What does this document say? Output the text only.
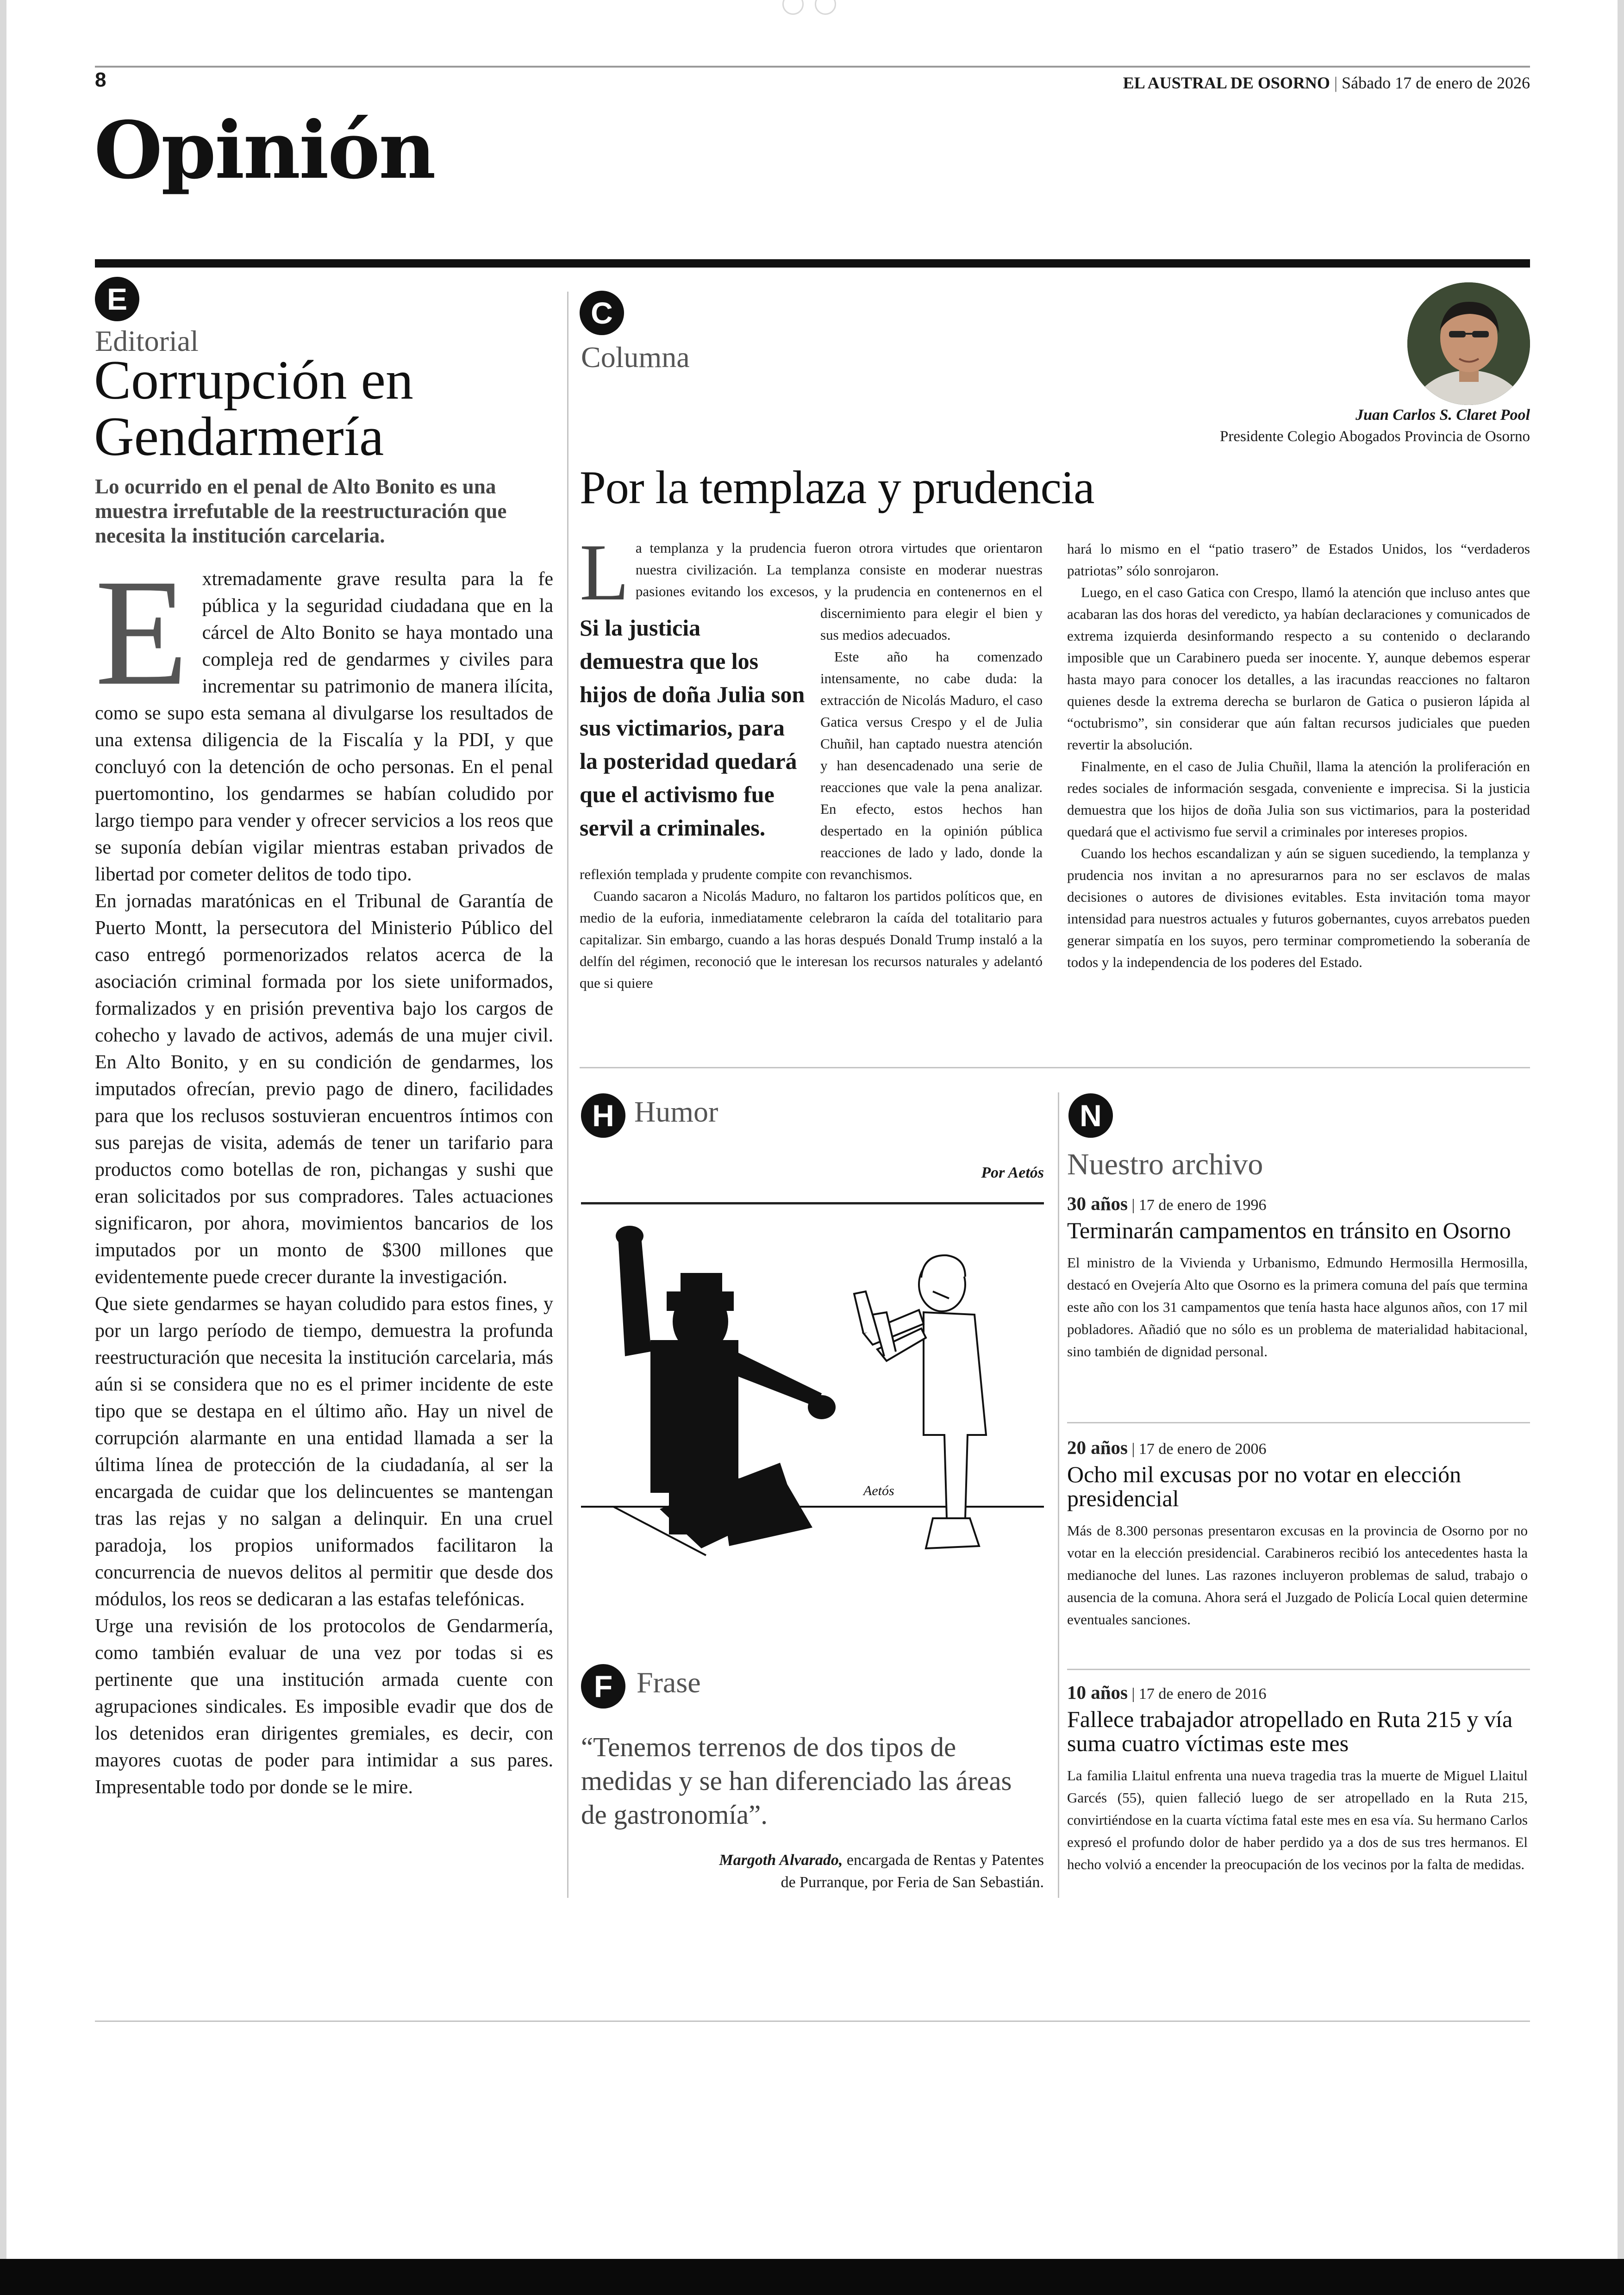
8	EL AUSTRAL DE OSORNO | Sábado 17 de enero de 2026
Opinión
E
Editorial
Corrupción en
Gendarmería
Lo ocurrido en el penal de Alto Bonito es una muestra irrefutable de la reestructuración que necesita la institución carcelaria.
E xtremadamente grave resulta para la fe pública y la seguridad ciudadana que en la cárcel de Alto Bonito se haya montado una compleja red de gendarmes y civiles para incrementar su patrimonio de manera ilícita, como se supo esta semana al divulgarse los resultados de una extensa diligencia de la Fiscalía y la PDI, y que concluyó con la detención de ocho personas. En el penal puertomontino, los gendarmes se habían coludido por largo tiempo para vender y ofrecer servicios a los reos que se suponía debían vigilar mientras estaban privados de libertad por cometer delitos de todo tipo.

En jornadas maratónicas en el Tribunal de Garantía de Puerto Montt, la persecutora del Ministerio Público del caso entregó pormenorizados relatos acerca de la asociación criminal formada por los siete uniformados, formalizados y en prisión preventiva bajo los cargos de cohecho y lavado de activos, además de una mujer civil. En Alto Bonito, y en su condición de gendarmes, los imputados ofrecían, previo pago de dinero, facilidades para que los reclusos sostuvieran encuentros íntimos con sus parejas de visita, además de tener un tarifario para productos como botellas de ron, pichangas y sushi que eran solicitados por sus compradores. Tales actuaciones significaron, por ahora, movimientos bancarios de los imputados por un monto de $300 millones que evidentemente puede crecer durante la investigación.

Que siete gendarmes se hayan coludido para estos fines, y por un largo período de tiempo, demuestra la profunda reestructuración que necesita la institución carcelaria, más aún si se considera que no es el primer incidente de este tipo que se destapa en el último año. Hay un nivel de corrupción alarmante en una entidad llamada a ser la última línea de protección de la ciudadanía, al ser la encargada de cuidar que los delincuentes se mantengan tras las rejas y no salgan a delinquir. En una cruel paradoja, los propios uniformados facilitaron la concurrencia de nuevos delitos al permitir que desde dos módulos, los reos se dedicaran a las estafas telefónicas.

Urge una revisión de los protocolos de Gendarmería, como también evaluar de una vez por todas si es pertinente que una institución armada cuente con agrupaciones sindicales. Es imposible evadir que dos de los detenidos eran dirigentes gremiales, es decir, con mayores cuotas de poder para intimidar a sus pares. Impresentable todo por donde se le mire.

C
Columna
Juan Carlos S. Claret Pool
Presidente Colegio Abogados Provincia de Osorno
Por la templaza y prudencia
L
Si la justicia demuestra que los hijos de doña Julia son sus victimarios, para la posteridad quedará que el activismo fue servil a criminales.

a templanza y la prudencia fueron otrora virtudes que orientaron nuestra civilización. La templanza consiste en moderar nuestras pasiones evitando los excesos, y la prudencia en contenernos en el discernimiento para elegir el bien y sus medios adecuados.

Este año ha comenzado intensamente, no cabe duda: la extracción de Nicolás Maduro, el caso Gatica versus Crespo y el de Julia Chuñil, han captado nuestra atención y han desencadenado una serie de reacciones que vale la pena analizar. En efecto, estos hechos han despertado en la opinión pública reacciones de lado y lado, donde la reflexión templada y prudente compite con revanchismos.

Cuando sacaron a Nicolás Maduro, no faltaron los partidos políticos que, en medio de la euforia, inmediatamente celebraron la caída del totalitario para capitalizar. Sin embargo, cuando a las horas después Donald Trump instaló a la delfín del régimen, reconoció que le interesan los recursos naturales y adelantó que si quiere

hará lo mismo en el “patio trasero” de Estados Unidos, los “verdaderos patriotas” sólo sonrojaron.

Luego, en el caso Gatica con Crespo, llamó la atención que incluso antes que acabaran las dos horas del veredicto, ya habían declaraciones y comunicados de extrema izquierda desinformando respecto a su contenido o declarando imposible que un Carabinero pueda ser inocente. Y, aunque debemos esperar hasta mayo para conocer los detalles, a las iracundas reacciones no faltaron quienes desde la extrema derecha se burlaron de Gatica o pusieron lápida al “octubrismo”, sin considerar que aún faltan recursos judiciales que pueden revertir la absolución.

Finalmente, en el caso de Julia Chuñil, llama la atención la proliferación en redes sociales de información sesgada, conveniente e imprecisa. Si la justicia demuestra que los hijos de doña Julia son sus victimarios, para la posteridad quedará que el activismo fue servil a criminales por intereses propios.

Cuando los hechos escandalizan y aún se siguen sucediendo, la templanza y prudencia nos invitan a no apresurarnos para no ser esclavos de malas decisiones o autores de divisiones evitables. Esta invitación toma mayor intensidad para nuestros actuales y futuros gobernantes, cuyos arrebatos pueden generar simpatía en los suyos, pero terminar comprometiendo la soberanía de todos y la independencia de los poderes del Estado.

H Humor
Por Aetós
Aetós
F Frase
“Tenemos terrenos de dos tipos de medidas y se han diferenciado las áreas de gastronomía”.
Margoth Alvarado, encargada de Rentas y Patentes
de Purranque, por Feria de San Sebastián.
N
Nuestro archivo
30 años | 17 de enero de 1996
Terminarán campamentos en tránsito en Osorno

El ministro de la Vivienda y Urbanismo, Edmundo Hermosilla Hermosilla, destacó en Ovejería Alto que Osorno es la primera comuna del país que termina este año con los 31 campamentos que tenía hasta hace algunos años, con 17 mil pobladores. Añadió que no sólo es un problema de materialidad habitacional, sino también de dignidad personal.

20 años | 17 de enero de 2006
Ocho mil excusas por no votar en elección presidencial

Más de 8.300 personas presentaron excusas en la provincia de Osorno por no votar en la elección presidencial. Carabineros recibió los antecedentes hasta la medianoche del lunes. Las razones incluyeron problemas de salud, trabajo o ausencia de la comuna. Ahora será el Juzgado de Policía Local quien determine eventuales sanciones.

10 años | 17 de enero de 2016
Fallece trabajador atropellado en Ruta 215 y vía suma cuatro víctimas este mes

La familia Llaitul enfrenta una nueva tragedia tras la muerte de Miguel Llaitul Garcés (55), quien falleció luego de ser atropellado en la Ruta 215, convirtiéndose en la cuarta víctima fatal este mes en esa vía. Su hermano Carlos expresó el profundo dolor de haber perdido ya a dos de sus tres hermanos. El hecho volvió a encender la preocupación de los vecinos por la falta de medidas.
